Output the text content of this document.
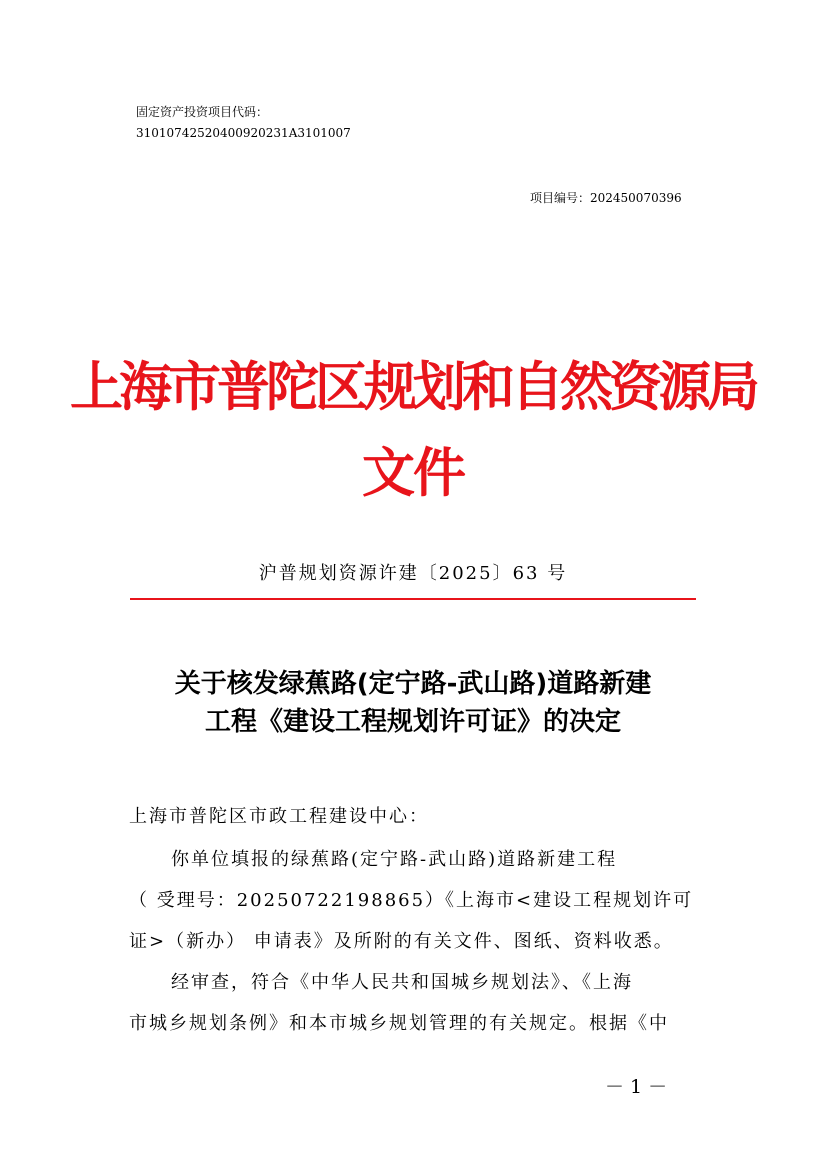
固定资产投资项目代码：
31010742520400920231A3101007
项目编号：202450070396
上海市普陀区规划和自然资源局
文件
沪普规划资源许建〔2025〕63 号
关于核发绿蕉路(定宁路-武山路)道路新建
工程《建设工程规划许可证》的决定
上海市普陀区市政工程建设中心：
你单位填报的绿蕉路(定宁路-武山路)道路新建工程
（ 受理号：20250722198865）《上海市<建设工程规划许可
证>（新办） 申请表》及所附的有关文件、图纸、资料收悉。
经审查，符合《中华人民共和国城乡规划法》、《上海
市城乡规划条例》和本市城乡规划管理的有关规定。根据《中
－ 1 －
